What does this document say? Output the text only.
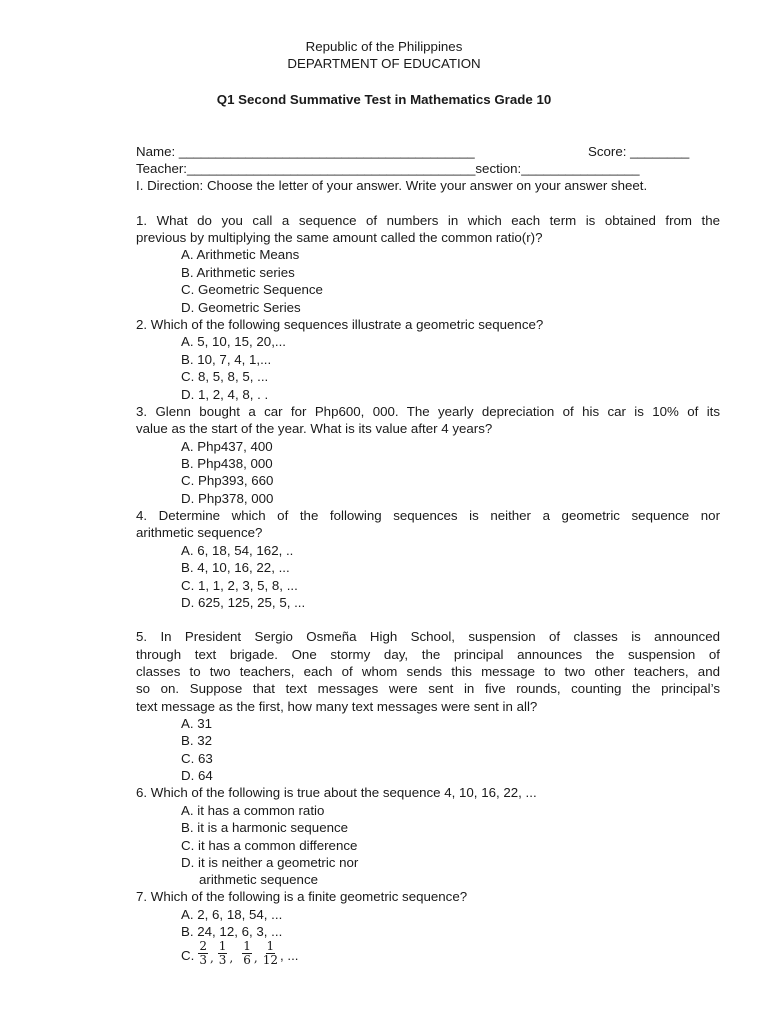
Republic of the Philippines
DEPARTMENT OF EDUCATION
Q1 Second Summative Test in Mathematics Grade 10
Name: ________________________________________	Score: ________
Teacher:_______________________________________section:________________
I. Direction: Choose the letter of your answer. Write your answer on your answer sheet.
1. What do you call a sequence of numbers in which each term is obtained from the
previous by multiplying the same amount called the common ratio(r)?
A. Arithmetic Means
B. Arithmetic series
C. Geometric Sequence
D. Geometric Series
2. Which of the following sequences illustrate a geometric sequence?
A. 5, 10, 15, 20,...
B. 10, 7, 4, 1,...
C. 8, 5, 8, 5, ...
D. 1, 2, 4, 8, . .
3. Glenn bought a car for Php600, 000. The yearly depreciation of his car is 10% of its
value as the start of the year. What is its value after 4 years?
A. Php437, 400
B. Php438, 000
C. Php393, 660
D. Php378, 000
4. Determine which of the following sequences is neither a geometric sequence nor
arithmetic sequence?
A. 6, 18, 54, 162, ..
B. 4, 10, 16, 22, ...
C. 1, 1, 2, 3, 5, 8, ...
D. 625, 125, 25, 5, ...
5. In President Sergio Osmeña High School, suspension of classes is announced
through text brigade. One stormy day, the principal announces the suspension of
classes to two teachers, each of whom sends this message to two other teachers, and
so on. Suppose that text messages were sent in five rounds, counting the principal’s
text message as the first, how many text messages were sent in all?
A. 31
B. 32
C. 63
D. 64
6. Which of the following is true about the sequence 4, 10, 16, 22, ...
A. it has a common ratio
B. it is a harmonic sequence
C. it has a common difference
D. it is neither a geometric nor
arithmetic sequence
7. Which of the following is a finite geometric sequence?
A. 2, 6, 18, 54, ...
B. 24, 12, 6, 3, ...
C. $\frac{2}{3}$ , $\frac{1}{3}$ , $\frac{1}{6}$ , $\frac{1}{12}$ , ...
